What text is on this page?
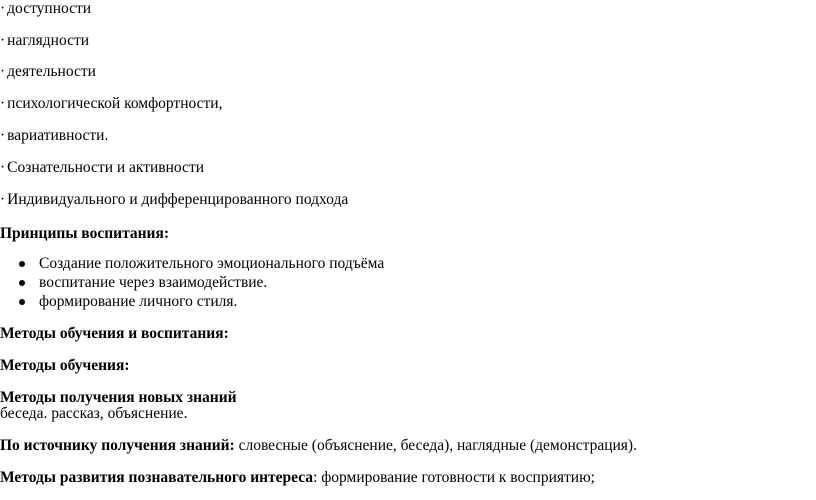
· доступности
· наглядности
· деятельности
· психологической комфортности,
· вариативности.
· Сознательности и активности
· Индивидуального и дифференцированного подхода
Принципы воспитания:
Создание положительного эмоционального подъёма
воспитание через взаимодействие.
формирование личного стиля.
Методы обучения и воспитания:
Методы обучения:
Методы получения новых знаний
беседа. рассказ, объяснение.
По источнику получения знаний: словесные (объяснение, беседа), наглядные (демонстрация).
Методы развития познавательного интереса: формирование готовности к восприятию;
